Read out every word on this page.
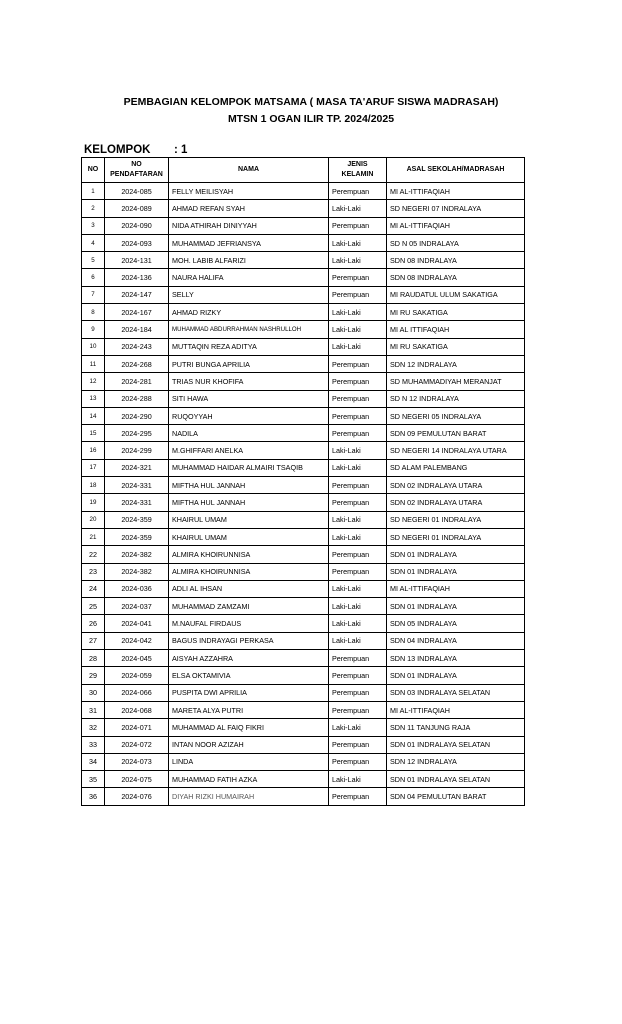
PEMBAGIAN KELOMPOK MATSAMA ( MASA TA'ARUF SISWA MADRASAH)
MTSN 1 OGAN ILIR TP. 2024/2025
KELOMPOK : 1
NO	NO PENDAFTARAN	NAMA	JENIS KELAMIN	ASAL SEKOLAH/MADRASAH
1	2024-085	FELLY MEILISYAH	Perempuan	MI AL-ITTIFAQIAH
2	2024-089	AHMAD REFAN SYAH	Laki-Laki	SD NEGERI 07 INDRALAYA
3	2024-090	NIDA ATHIRAH DINIYYAH	Perempuan	MI AL-ITTIFAQIAH
4	2024-093	MUHAMMAD JEFRIANSYA	Laki-Laki	SD N 05 INDRALAYA
5	2024-131	MOH. LABIB ALFARIZI	Laki-Laki	SDN 08 INDRALAYA
6	2024-136	NAURA HALIFA	Perempuan	SDN 08 INDRALAYA
7	2024-147	SELLY	Perempuan	MI RAUDATUL ULUM SAKATIGA
8	2024-167	AHMAD RIZKY	Laki-Laki	MI RU SAKATIGA
9	2024-184	MUHAMMAD ABDURRAHMAN NASHRULLOH	Laki-Laki	MI AL ITTIFAQIAH
10	2024-243	MUTTAQIN REZA ADITYA	Laki-Laki	MI RU SAKATIGA
11	2024-268	PUTRI BUNGA APRILIA	Perempuan	SDN 12 INDRALAYA
12	2024-281	TRIAS NUR KHOFIFA	Perempuan	SD MUHAMMADIYAH MERANJAT
13	2024-288	SITI HAWA	Perempuan	SD N 12 INDRALAYA
14	2024-290	RUQOYYAH	Perempuan	SD NEGERI 05 INDRALAYA
15	2024-295	NADILA	Perempuan	SDN 09 PEMULUTAN BARAT
16	2024-299	M.GHIFFARI ANELKA	Laki-Laki	SD NEGERI 14 INDRALAYA UTARA
17	2024-321	MUHAMMAD HAIDAR ALMAIRI TSAQIB	Laki-Laki	SD ALAM PALEMBANG
18	2024-331	MIFTHA HUL JANNAH	Perempuan	SDN 02 INDRALAYA UTARA
19	2024-331	MIFTHA HUL JANNAH	Perempuan	SDN 02 INDRALAYA UTARA
20	2024-359	KHAIRUL UMAM	Laki-Laki	SD NEGERI 01 INDRALAYA
21	2024-359	KHAIRUL UMAM	Laki-Laki	SD NEGERI 01 INDRALAYA
22	2024-382	ALMIRA KHOIRUNNISA	Perempuan	SDN 01 INDRALAYA
23	2024-382	ALMIRA KHOIRUNNISA	Perempuan	SDN 01 INDRALAYA
24	2024-036	ADLI AL IHSAN	Laki-Laki	MI AL-ITTIFAQIAH
25	2024-037	MUHAMMAD ZAMZAMI	Laki-Laki	SDN 01 INDRALAYA
26	2024-041	M.NAUFAL FIRDAUS	Laki-Laki	SDN 05 INDRALAYA
27	2024-042	BAGUS INDRAYAGI PERKASA	Laki-Laki	SDN 04 INDRALAYA
28	2024-045	AISYAH AZZAHRA	Perempuan	SDN 13 INDRALAYA
29	2024-059	ELSA OKTAMIVIA	Perempuan	SDN 01 INDRALAYA
30	2024-066	PUSPITA DWI APRILIA	Perempuan	SDN 03 INDRALAYA SELATAN
31	2024-068	MARETA ALYA PUTRI	Perempuan	MI AL-ITTIFAQIAH
32	2024-071	MUHAMMAD AL FAIQ FIKRI	Laki-Laki	SDN 11 TANJUNG RAJA
33	2024-072	INTAN NOOR AZIZAH	Perempuan	SDN 01 INDRALAYA SELATAN
34	2024-073	LINDA	Perempuan	SDN 12 INDRALAYA
35	2024-075	MUHAMMAD FATIH AZKA	Laki-Laki	SDN 01 INDRALAYA SELATAN
36	2024-076	DIYAH RIZKI HUMAIRAH	Perempuan	SDN 04 PEMULUTAN BARAT
